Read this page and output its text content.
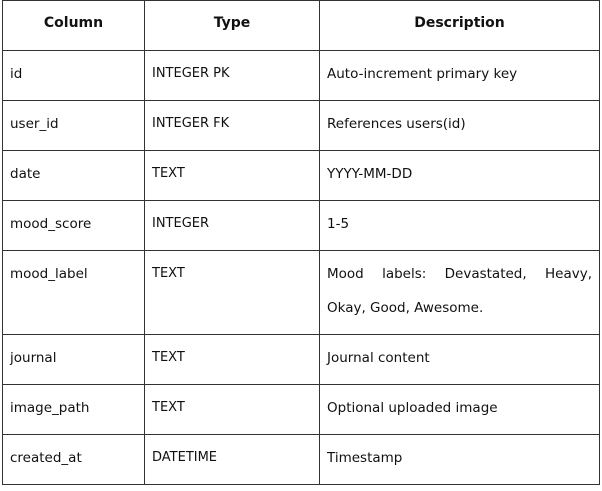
Column	Type	Description
id	INTEGER PK	Auto-increment primary key
user_id	INTEGER FK	References users(id)
date	TEXT	YYYY-MM-DD
mood_score	INTEGER	1-5
mood_label	TEXT	Mood labels: Devastated, Heavy, Okay, Good, Awesome.

journal	TEXT	Journal content
image_path	TEXT	Optional uploaded image
created_at	DATETIME	Timestamp
